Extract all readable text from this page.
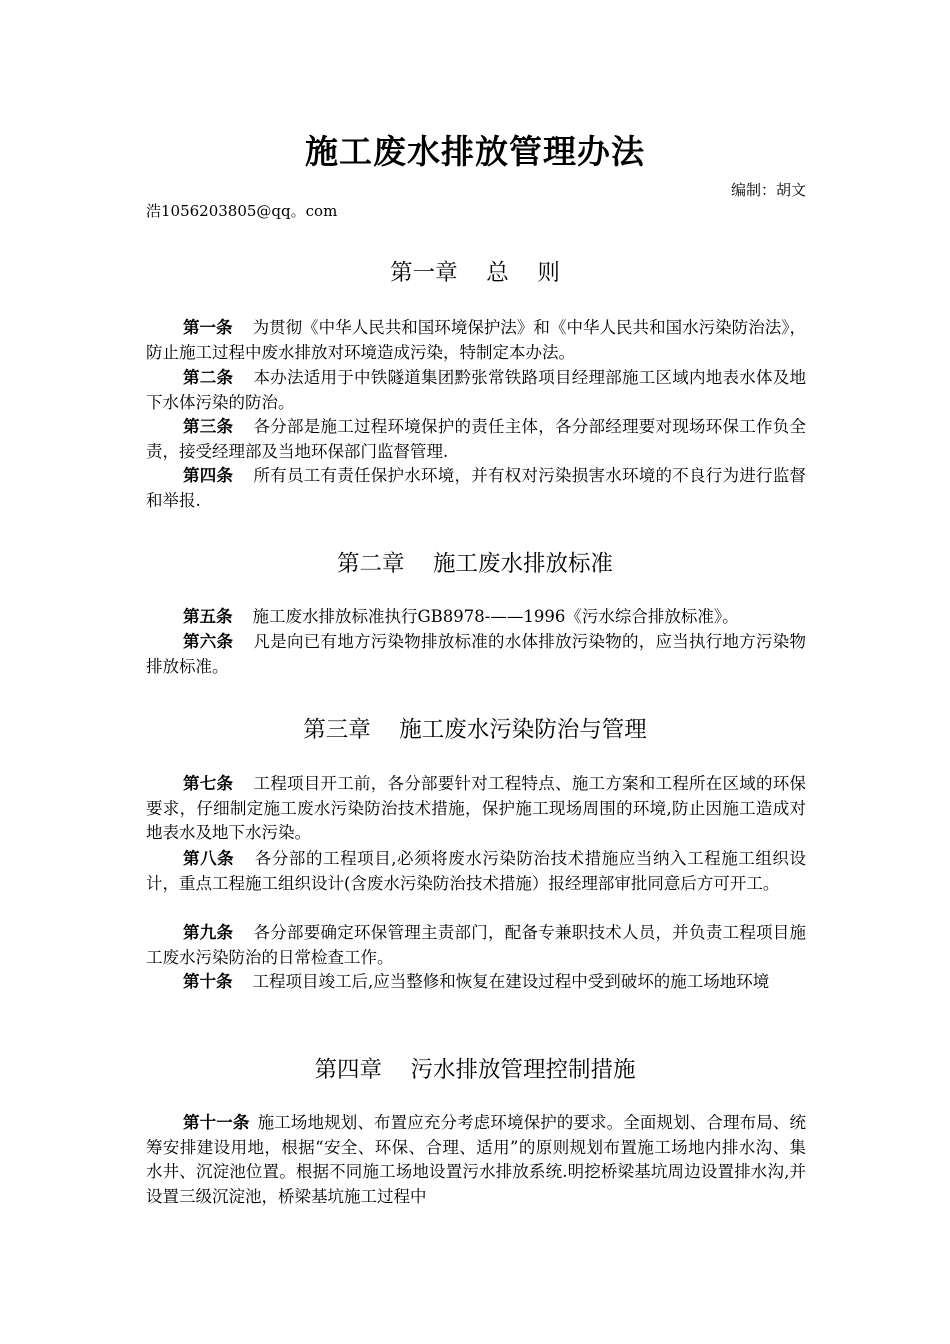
施工废水排放管理办法
编制：胡文
浩1056203805@qq。com
第一章    总    则
第一条 为贯彻《中华人民共和国环境保护法》和《中华人民共和国水污染防治法》，防止施工过程中废水排放对环境造成污染，特制定本办法。
第二条 本办法适用于中铁隧道集团黔张常铁路项目经理部施工区域内地表水体及地下水体污染的防治。
第三条 各分部是施工过程环境保护的责任主体，各分部经理要对现场环保工作负全责，接受经理部及当地环保部门监督管理.
第四条 所有员工有责任保护水环境，并有权对污染损害水环境的不良行为进行监督和举报.
第二章    施工废水排放标准
第五条 施工废水排放标准执行GB8978-——1996《污水综合排放标准》。
第六条 凡是向已有地方污染物排放标准的水体排放污染物的，应当执行地方污染物排放标准。
第三章    施工废水污染防治与管理
第七条 工程项目开工前，各分部要针对工程特点、施工方案和工程所在区域的环保要求，仔细制定施工废水污染防治技术措施，保护施工现场周围的环境,防止因施工造成对地表水及地下水污染。
第八条 各分部的工程项目,必须将废水污染防治技术措施应当纳入工程施工组织设计，重点工程施工组织设计(含废水污染防治技术措施）报经理部审批同意后方可开工。
第九条 各分部要确定环保管理主责部门，配备专兼职技术人员，并负责工程项目施工废水污染防治的日常检查工作。
第十条 工程项目竣工后,应当整修和恢复在建设过程中受到破坏的施工场地环境
第四章    污水排放管理控制措施
第十一条 施工场地规划、布置应充分考虑环境保护的要求。全面规划、合理布局、统筹安排建设用地，根据“安全、环保、合理、适用”的原则规划布置施工场地内排水沟、集水井、沉淀池位置。根据不同施工场地设置污水排放系统.明挖桥梁基坑周边设置排水沟,并设置三级沉淀池，桥梁基坑施工过程中
